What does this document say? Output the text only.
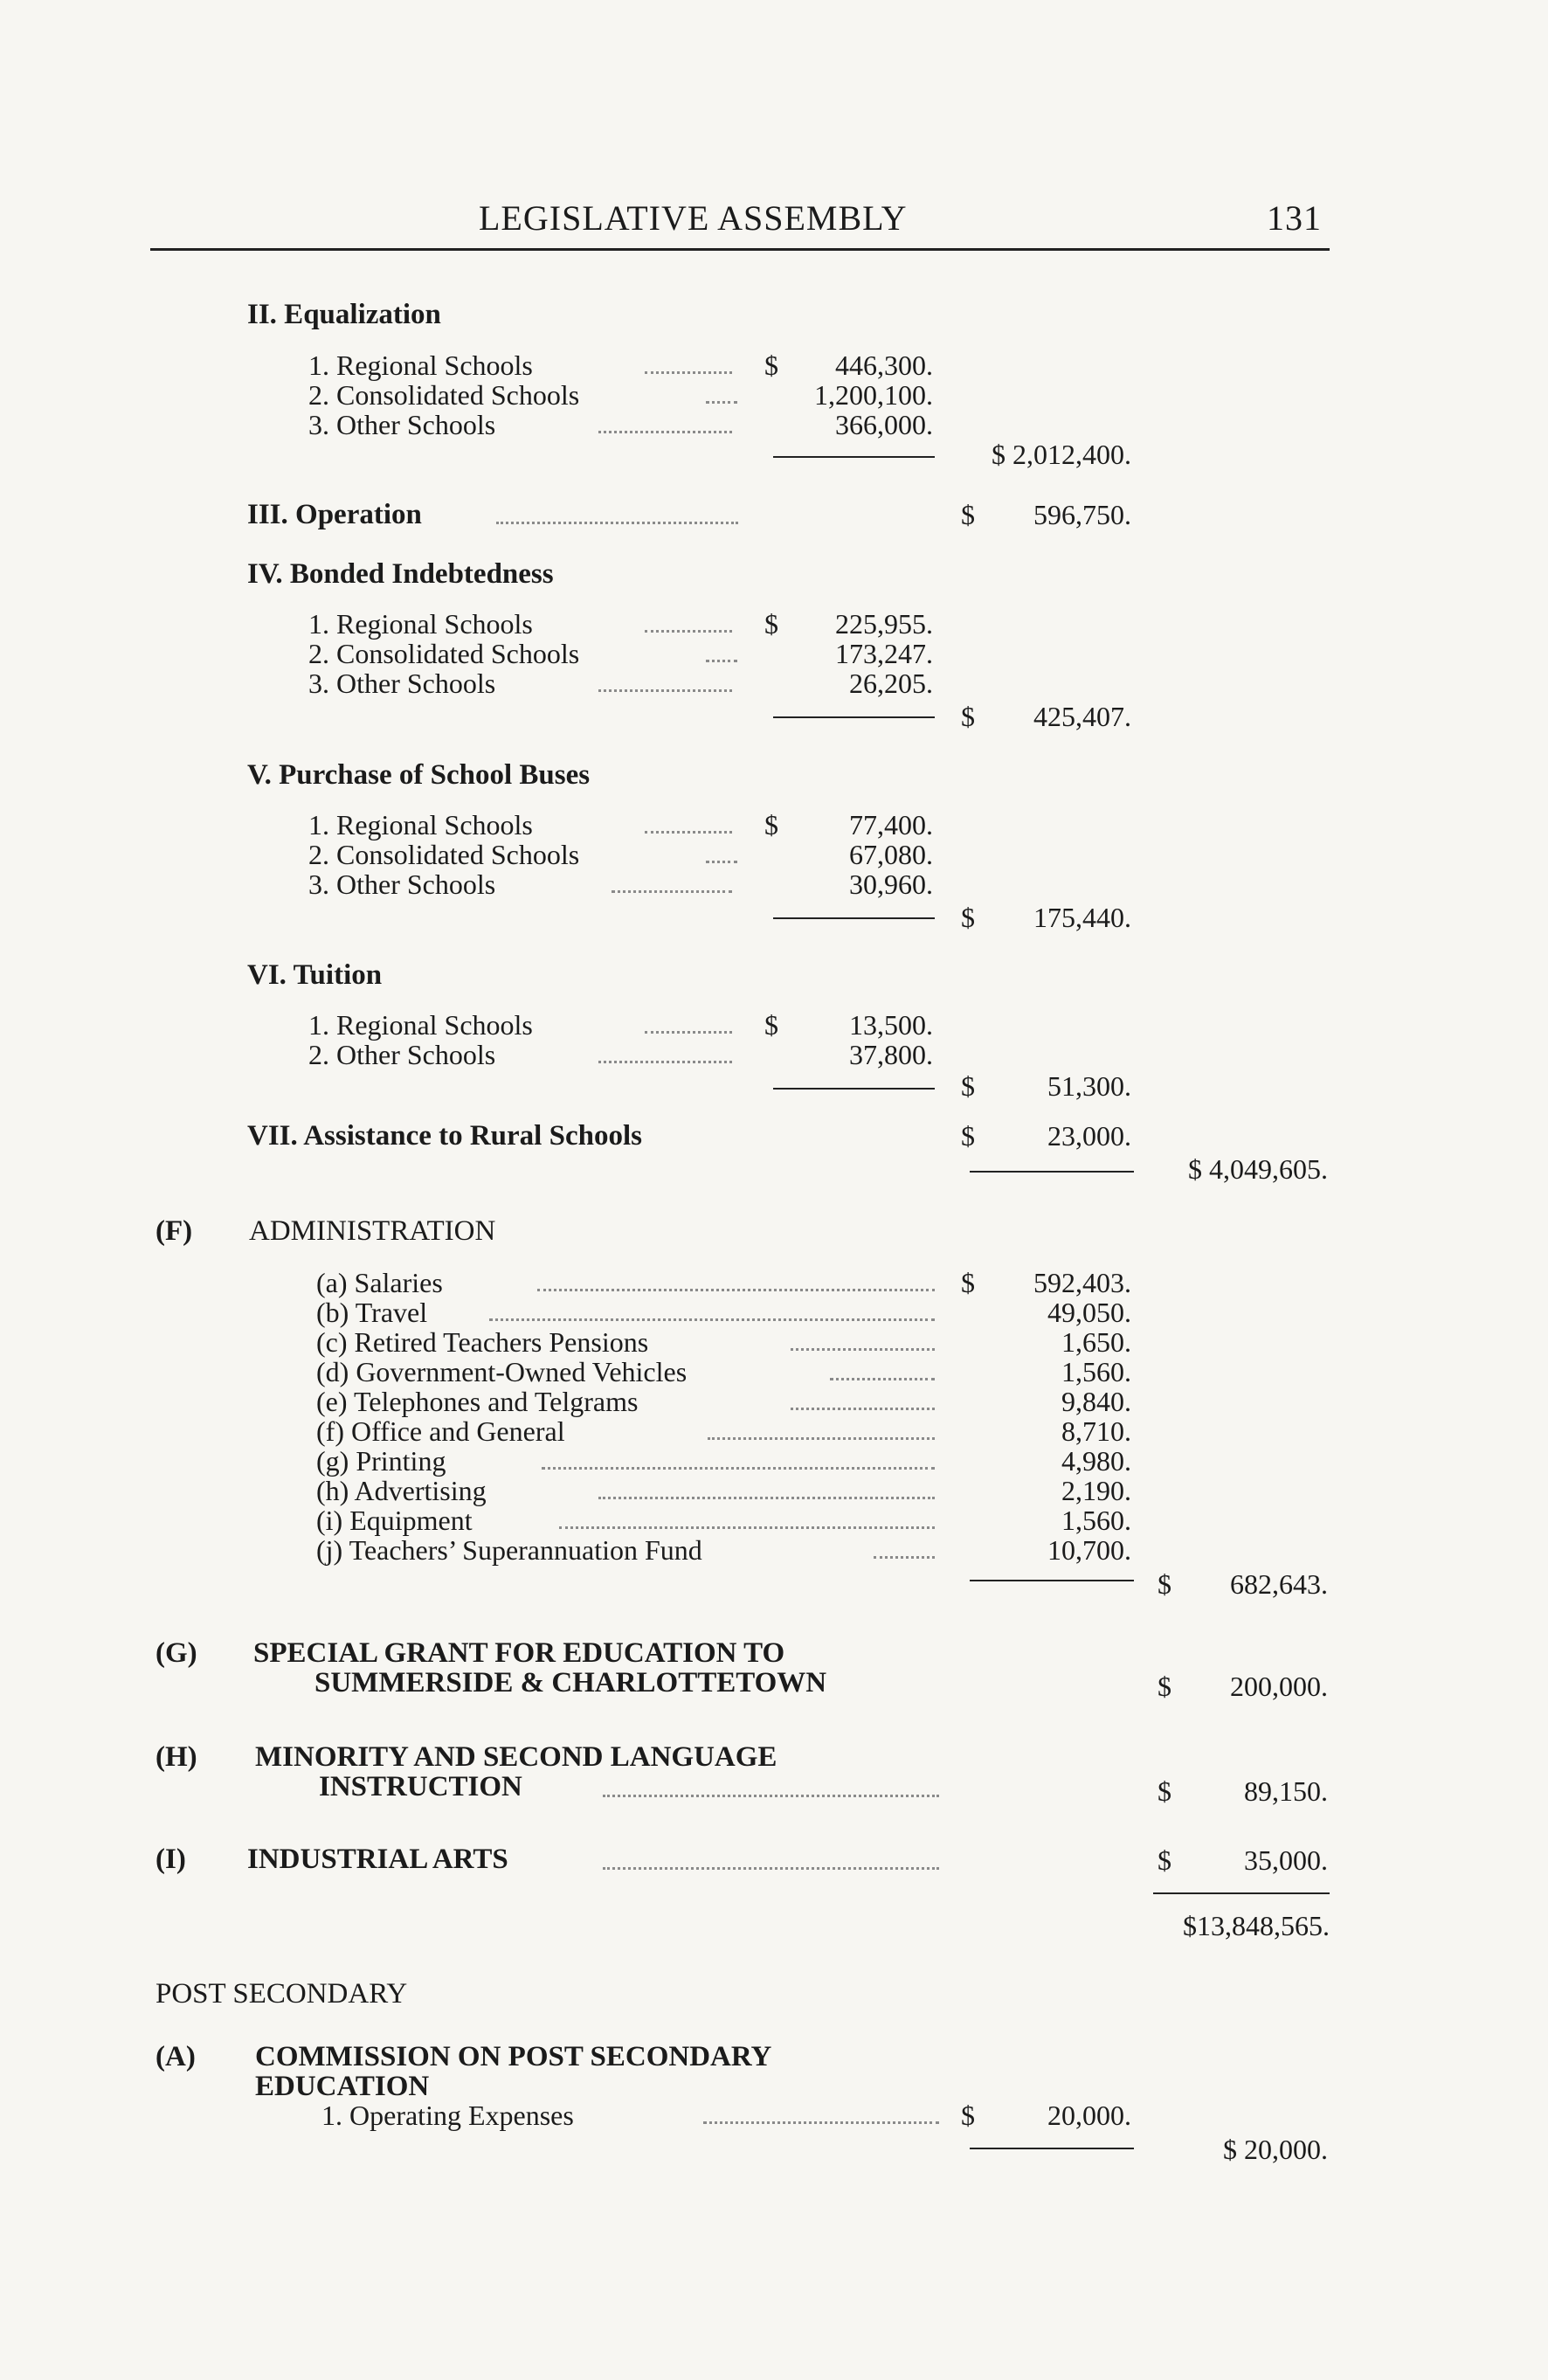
LEGISLATIVE ASSEMBLY	131
II. Equalization
1. Regional Schools	$	446,300.
2. Consolidated Schools	1,200,100.
3. Other Schools	366,000.
$ 2,012,400.
III. Operation	$	596,750.
IV. Bonded Indebtedness
1. Regional Schools	$	225,955.
2. Consolidated Schools	173,247.
3. Other Schools	26,205.
$	425,407.
V. Purchase of School Buses
1. Regional Schools	$	77,400.
2. Consolidated Schools	67,080.
3. Other Schools	30,960.
$	175,440.
VI. Tuition
1. Regional Schools	$	13,500.
2. Other Schools	37,800.
$	51,300.
VII. Assistance to Rural Schools	$	23,000.
$ 4,049,605.
(F) ADMINISTRATION
(a) Salaries	$	592,403.
(b) Travel	49,050.
(c) Retired Teachers Pensions	1,650.
(d) Government-Owned Vehicles	1,560.
(e) Telephones and Telgrams	9,840.
(f) Office and General	8,710.
(g) Printing	4,980.
(h) Advertising	2,190.
(i) Equipment	1,560.
(j) Teachers’ Superannuation Fund	10,700.
$	682,643.
(G) SPECIAL GRANT FOR EDUCATION TO
SUMMERSIDE & CHARLOTTETOWN	$	200,000.
(H) MINORITY AND SECOND LANGUAGE
INSTRUCTION	$	89,150.
(I) INDUSTRIAL ARTS	$	35,000.
$13,848,565.
POST SECONDARY
(A) COMMISSION ON POST SECONDARY
EDUCATION
1. Operating Expenses	$	20,000.
$ 20,000.
